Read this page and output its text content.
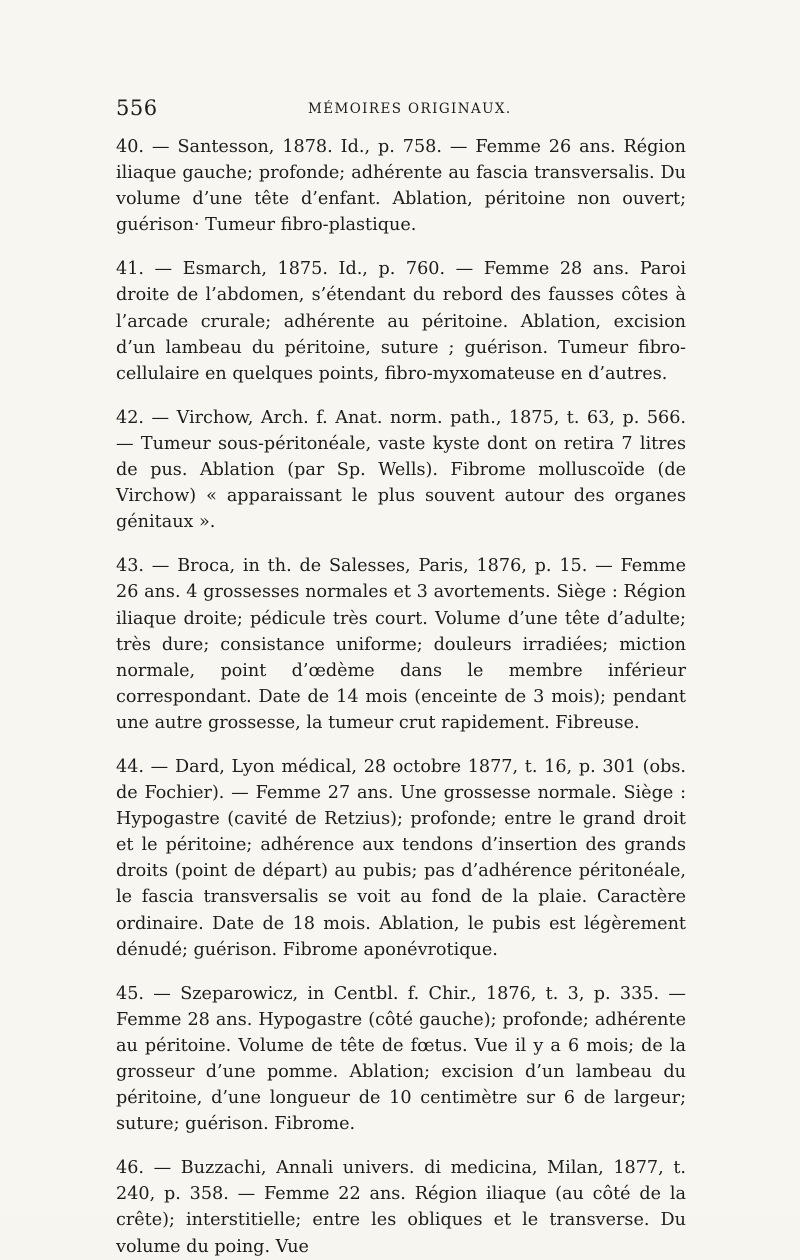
556	MÉMOIRES ORIGINAUX.

40. — Santesson, 1878. Id., p. 758. — Femme 26 ans. Région iliaque gauche; profonde; adhérente au fascia transversalis. Du volume d’une tête d’enfant. Ablation, péritoine non ouvert; guérison· Tumeur fibro-plastique.

41. — Esmarch, 1875. Id., p. 760. — Femme 28 ans. Paroi droite de l’abdomen, s’étendant du rebord des fausses côtes à l’arcade crurale; adhérente au péritoine. Ablation, excision d’un lambeau du péritoine, suture ; guérison. Tumeur fibro-cellulaire en quelques points, fibro-myxomateuse en d’autres.

42. — Virchow, Arch. f. Anat. norm. path., 1875, t. 63, p. 566. — Tumeur sous-péritonéale, vaste kyste dont on retira 7 litres de pus. Ablation (par Sp. Wells). Fibrome molluscoïde (de Virchow) « apparaissant le plus souvent autour des organes génitaux ».

43. — Broca, in th. de Salesses, Paris, 1876, p. 15. — Femme 26 ans. 4 grossesses normales et 3 avortements. Siège : Région iliaque droite; pédicule très court. Volume d’une tête d’adulte; très dure; consistance uniforme; douleurs irradiées; miction normale, point d’œdème dans le membre inférieur correspondant. Date de 14 mois (enceinte de 3 mois); pendant une autre grossesse, la tumeur crut rapidement. Fibreuse.

44. — Dard, Lyon médical, 28 octobre 1877, t. 16, p. 301 (obs. de Fochier). — Femme 27 ans. Une grossesse normale. Siège : Hypogastre (cavité de Retzius); profonde; entre le grand droit et le péritoine; adhérence aux tendons d’insertion des grands droits (point de départ) au pubis; pas d’adhérence péritonéale, le fascia transversalis se voit au fond de la plaie. Caractère ordinaire. Date de 18 mois. Ablation, le pubis est légèrement dénudé; guérison. Fibrome aponévrotique.

45. — Szeparowicz, in Centbl. f. Chir., 1876, t. 3, p. 335. — Femme 28 ans. Hypogastre (côté gauche); profonde; adhérente au péritoine. Volume de tête de fœtus. Vue il y a 6 mois; de la grosseur d’une pomme. Ablation; excision d’un lambeau du péritoine, d’une longueur de 10 centimètre sur 6 de largeur; suture; guérison. Fibrome.

46. — Buzzachi, Annali univers. di medicina, Milan, 1877, t. 240, p. 358. — Femme 22 ans. Région iliaque (au côté de la crête); interstitielle; entre les obliques et le transverse. Du volume du poing. Vue
